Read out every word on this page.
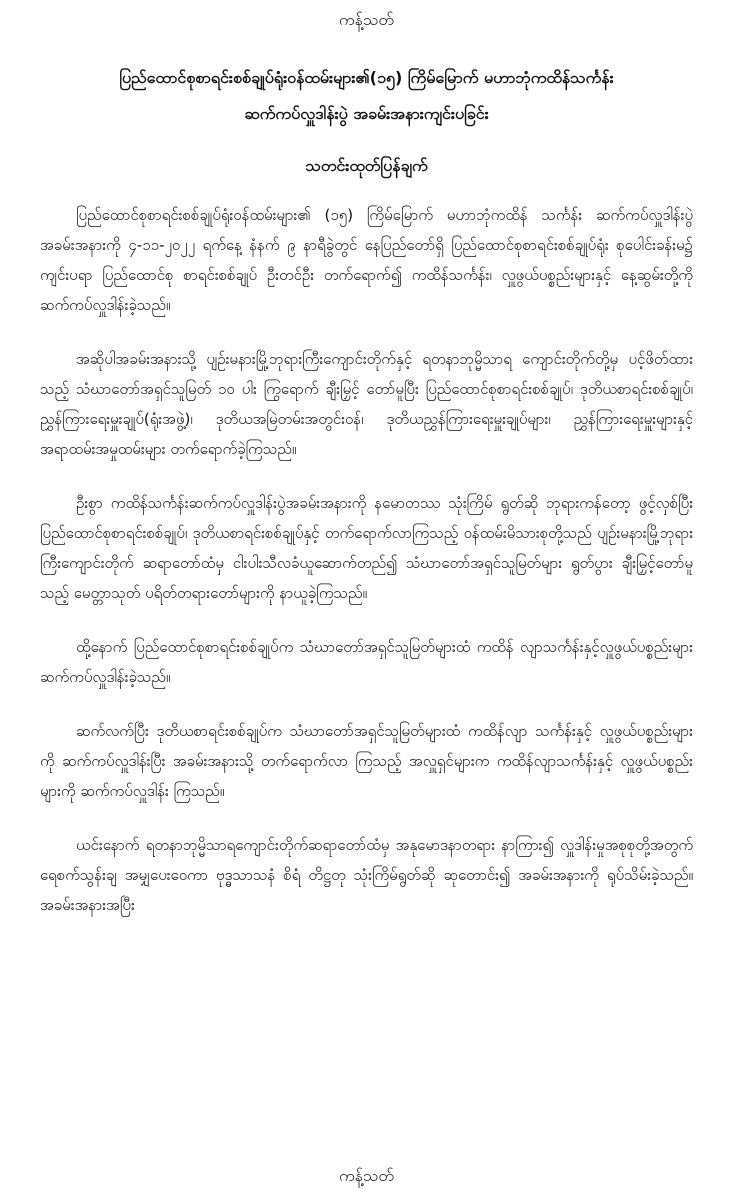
ကန့်သတ်
ပြည်ထောင်စုစာရင်းစစ်ချုပ်ရုံးဝန်ထမ်းများ၏(၁၅) ကြိမ်မြောက် မဟာဘုံကထိန်သင်္ကန်း
ဆက်ကပ်လှူဒါန်းပွဲ အခမ်းအနားကျင်းပခြင်း
သတင်းထုတ်ပြန်ချက်

ပြည်ထောင်စုစာရင်းစစ်ချုပ်ရုံးဝန်ထမ်းများ၏ (၁၅) ကြိမ်မြောက် မဟာဘုံကထိန် သင်္ကန်း ဆက်ကပ်လှူဒါန်းပွဲ အခမ်းအနားကို ၄-၁၁-၂၀၂၂ ရက်နေ့ နံနက် ၉ နာရီခွဲတွင် နေပြည်တော်ရှိ ပြည်ထောင်စုစာရင်းစစ်ချုပ်ရုံး စုပေါင်းခန်းမ၌ ကျင်းပရာ ပြည်ထောင်စု စာရင်းစစ်ချုပ် ဦးတင်ဦး တက်ရောက်၍ ကထိန်သင်္ကန်း၊ လှူဖွယ်ပစ္စည်းများနှင့် နေ့ဆွမ်းတို့ကို ဆက်ကပ်လှူဒါန်းခဲ့သည်။

အဆိုပါအခမ်းအနားသို့ ပျဉ်းမနားမြို့ဘုရားကြီးကျောင်းတိုက်နှင့် ရတနာဘုမ္မိသာရ ကျောင်းတိုက်တို့မှ ပင့်ဖိတ်ထားသည့် သံဃာတော်အရှင်သူမြတ် ၁၀ ပါး ကြွရောက် ချီးမြှင့် တော်မူပြီး ပြည်ထောင်စုစာရင်းစစ်ချုပ်၊ ဒုတိယစာရင်းစစ်ချုပ်၊ ညွှန်ကြားရေးမှူးချုပ်(ရုံးအဖွဲ့)၊ ဒုတိယအမြဲတမ်းအတွင်းဝန်၊ ဒုတိယညွှန်ကြားရေးမှူးချုပ်များ၊ ညွှန်ကြားရေးမှူးများနှင့် အရာထမ်းအမှုထမ်းများ တက်ရောက်ခဲ့ကြသည်။

ဦးစွာ ကထိန်သင်္ကန်းဆက်ကပ်လှူဒါန်းပွဲအခမ်းအနားကို နမောတဿ သုံးကြိမ် ရွတ်ဆို ဘုရားကန်တော့ ဖွင့်လှစ်ပြီး ပြည်ထောင်စုစာရင်းစစ်ချုပ်၊ ဒုတိယစာရင်းစစ်ချုပ်နှင့် တက်ရောက်လာကြသည့် ဝန်ထမ်းမိသားစုတို့သည် ပျဉ်းမနားမြို့ဘုရားကြီးကျောင်းတိုက် ဆရာတော်ထံမှ ငါးပါးသီလခံယူဆောက်တည်၍ သံဃာတော်အရှင်သူမြတ်များ ရွတ်ပွား ချီးမြှင့်တော်မူသည့် မေတ္တာသုတ် ပရိတ်တရားတော်များကို နာယူခဲ့ကြသည်။

ထို့နောက် ပြည်ထောင်စုစာရင်းစစ်ချုပ်က သံဃာတော်အရှင်သူမြတ်များထံ ကထိန် လျာသင်္ကန်းနှင့်လှူဖွယ်ပစ္စည်းများ ဆက်ကပ်လှူဒါန်းခဲ့သည်။

ဆက်လက်ပြီး ဒုတိယစာရင်းစစ်ချုပ်က သံဃာတော်အရှင်သူမြတ်များထံ ကထိန်လျာ သင်္ကန်းနှင့် လှူဖွယ်ပစ္စည်းများကို ဆက်ကပ်လှူဒါန်းပြီး အခမ်းအနားသို့ တက်ရောက်လာ ကြသည့် အလှူရှင်များက ကထိန်လျာသင်္ကန်းနှင့် လှူဖွယ်ပစ္စည်းများကို ဆက်ကပ်လှူဒါန်း ကြသည်။

ယင်းနောက် ရတနာဘုမ္မိသာရကျောင်းတိုက်ဆရာတော်ထံမှ အနုမောဒနာတရား နာကြား၍ လှူဒါန်းမှုအစုစုတို့အတွက် ရေစက်သွန်းချ အမျှပေးဝေကာ ဗုဒ္ဓသာသနံ စိရံ တိဋ္ဌတု သုံးကြိမ်ရွတ်ဆို ဆုတောင်း၍ အခမ်းအနားကို ရုပ်သိမ်းခဲ့သည်။ အခမ်းအနားအပြီး

ကန့်သတ်
